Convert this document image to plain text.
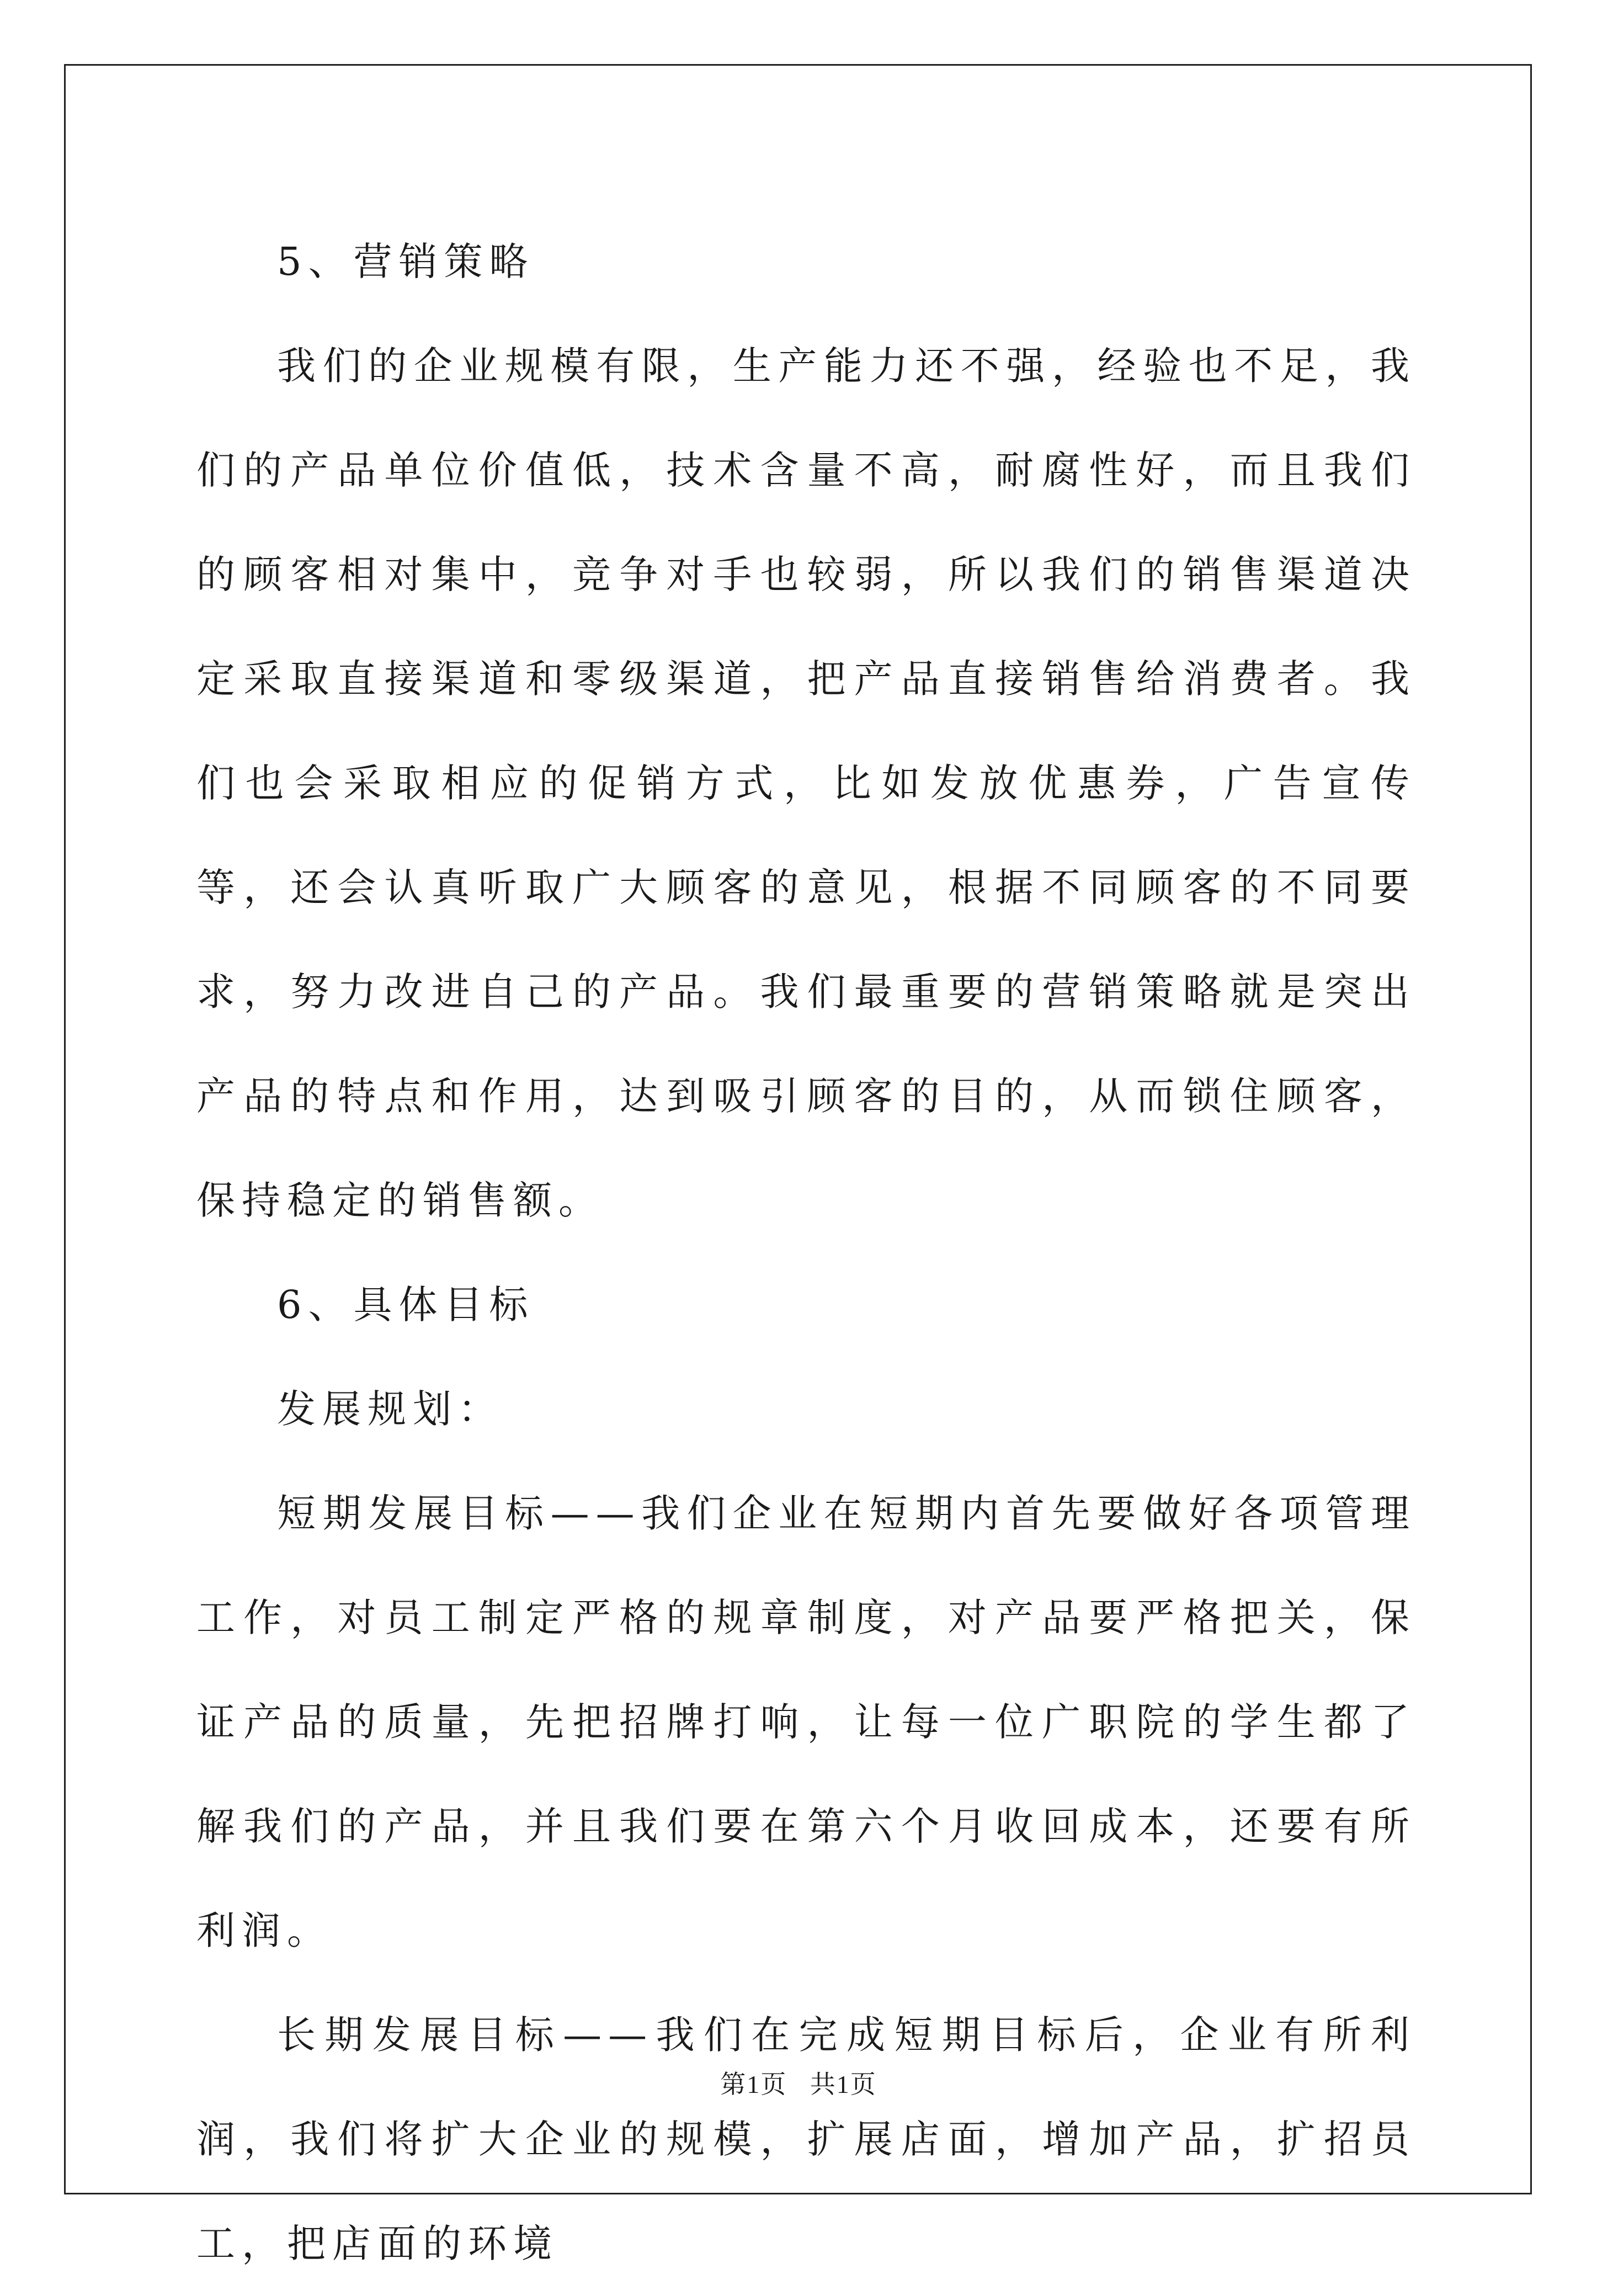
5、营销策略

我们的企业规模有限，生产能力还不强，经验也不足，我们的产品单位价值低，技术含量不高，耐腐性好，而且我们的顾客相对集中，竞争对手也较弱，所以我们的销售渠道决定采取直接渠道和零级渠道，把产品直接销售给消费者。我们也会采取相应的促销方式，比如发放优惠券，广告宣传等，还会认真听取广大顾客的意见，根据不同顾客的不同要求，努力改进自己的产品。我们最重要的营销策略就是突出产品的特点和作用，达到吸引顾客的目的，从而锁住顾客，保持稳定的销售额。

6、具体目标

发展规划：

短期发展目标——我们企业在短期内首先要做好各项管理工作，对员工制定严格的规章制度，对产品要严格把关，保证产品的质量，先把招牌打响，让每一位广职院的学生都了解我们的产品，并且我们要在第六个月收回成本，还要有所利润。

长期发展目标——我们在完成短期目标后，企业有所利润，我们将扩大企业的规模，扩展店面，增加产品，扩招员工，把店面的环境

第1页 共1页
